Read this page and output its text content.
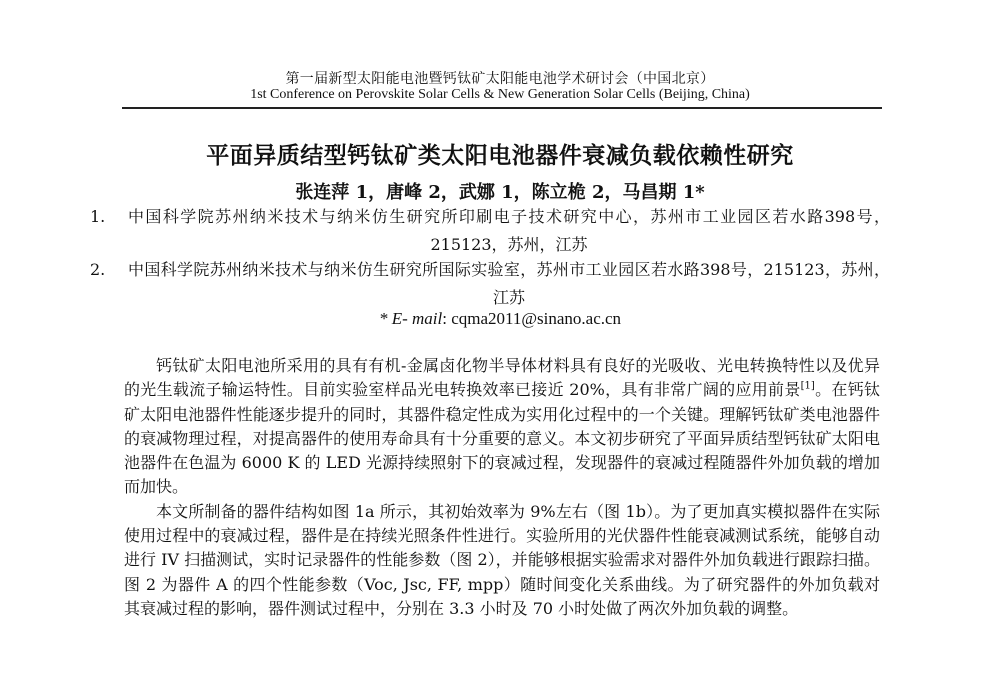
第一届新型太阳能电池暨钙钛矿太阳能电池学术研讨会（中国北京）
1st Conference on Perovskite Solar Cells & New Generation Solar Cells (Beijing, China)
平面异质结型钙钛矿类太阳电池器件衰减负载依赖性研究
张连萍 1，唐峰 2，武娜 1，陈立桅 2，马昌期 1*
1.	中国科学院苏州纳米技术与纳米仿生研究所印刷电子技术研究中心，苏州市工业园区若水路398号，215123，苏州，江苏
2.	中国科学院苏州纳米技术与纳米仿生研究所国际实验室，苏州市工业园区若水路398号，215123，苏州，江苏
* E- mail: cqma2011@sinano.ac.cn

钙钛矿太阳电池所采用的具有有机-金属卤化物半导体材料具有良好的光吸收、光电转换特性以及优异的光生载流子输运特性。目前实验室样品光电转换效率已接近 20%，具有非常广阔的应用前景[1]。在钙钛矿太阳电池器件性能逐步提升的同时，其器件稳定性成为实用化过程中的一个关键。理解钙钛矿类电池器件的衰减物理过程，对提高器件的使用寿命具有十分重要的意义。本文初步研究了平面异质结型钙钛矿太阳电池器件在色温为 6000 K 的 LED 光源持续照射下的衰减过程，发现器件的衰减过程随器件外加负载的增加而加快。

本文所制备的器件结构如图 1a 所示，其初始效率为 9%左右（图 1b）。为了更加真实模拟器件在实际使用过程中的衰减过程，器件是在持续光照条件性进行。实验所用的光伏器件性能衰减测试系统，能够自动进行 IV 扫描测试，实时记录器件的性能参数（图 2），并能够根据实验需求对器件外加负载进行跟踪扫描。图 2 为器件 A 的四个性能参数（Voc, Jsc, FF, mpp）随时间变化关系曲线。为了研究器件的外加负载对其衰减过程的影响，器件测试过程中，分别在 3.3 小时及 70 小时处做了两次外加负载的调整。
